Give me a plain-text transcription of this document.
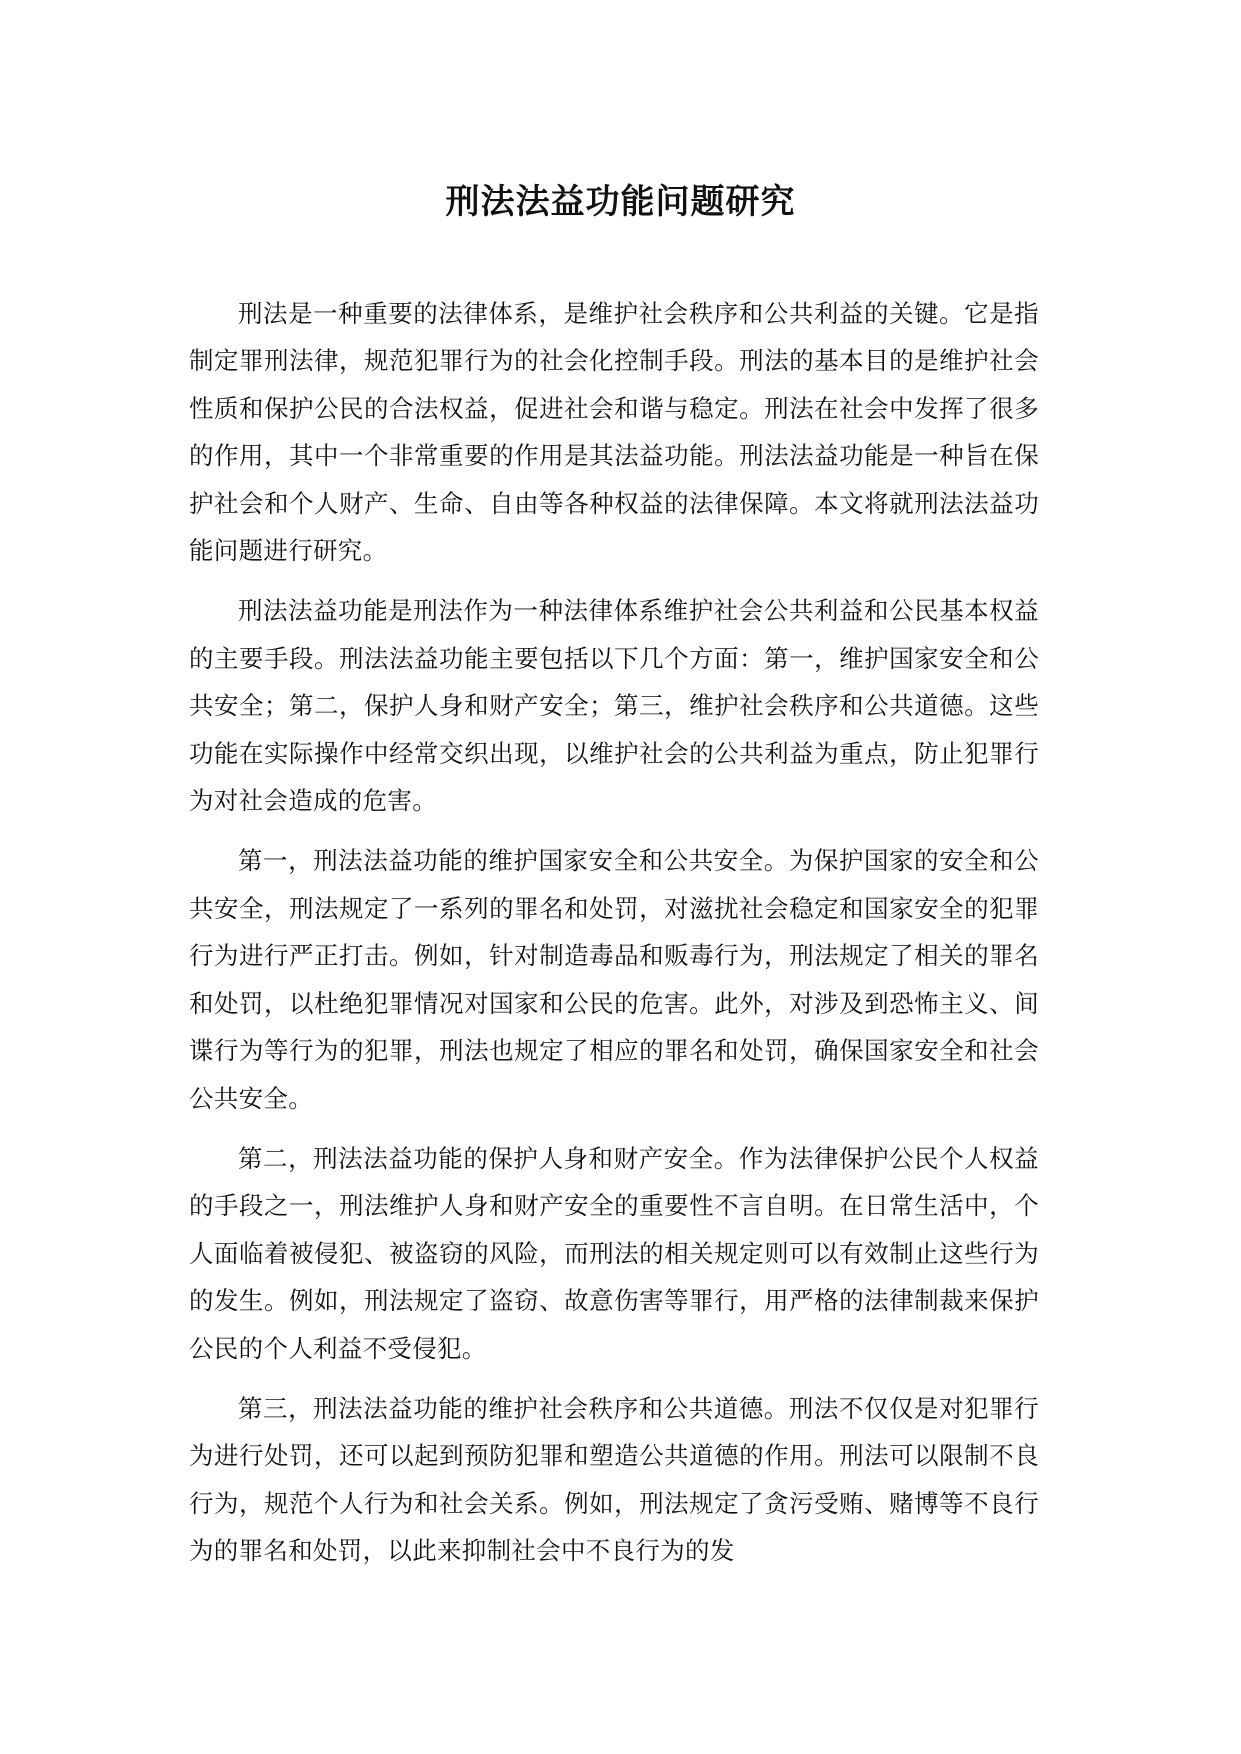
刑法法益功能问题研究

刑法是一种重要的法律体系，是维护社会秩序和公共利益的关键。它是指制定罪刑法律，规范犯罪行为的社会化控制手段。刑法的基本目的是维护社会性质和保护公民的合法权益，促进社会和谐与稳定。刑法在社会中发挥了很多的作用，其中一个非常重要的作用是其法益功能。刑法法益功能是一种旨在保护社会和个人财产、生命、自由等各种权益的法律保障。本文将就刑法法益功能问题进行研究。

刑法法益功能是刑法作为一种法律体系维护社会公共利益和公民基本权益的主要手段。刑法法益功能主要包括以下几个方面：第一，维护国家安全和公共安全；第二，保护人身和财产安全；第三，维护社会秩序和公共道德。这些功能在实际操作中经常交织出现，以维护社会的公共利益为重点，防止犯罪行为对社会造成的危害。

第一，刑法法益功能的维护国家安全和公共安全。为保护国家的安全和公共安全，刑法规定了一系列的罪名和处罚，对滋扰社会稳定和国家安全的犯罪行为进行严正打击。例如，针对制造毒品和贩毒行为，刑法规定了相关的罪名和处罚，以杜绝犯罪情况对国家和公民的危害。此外，对涉及到恐怖主义、间谍行为等行为的犯罪，刑法也规定了相应的罪名和处罚，确保国家安全和社会公共安全。

第二，刑法法益功能的保护人身和财产安全。作为法律保护公民个人权益的手段之一，刑法维护人身和财产安全的重要性不言自明。在日常生活中，个人面临着被侵犯、被盗窃的风险，而刑法的相关规定则可以有效制止这些行为的发生。例如，刑法规定了盗窃、故意伤害等罪行，用严格的法律制裁来保护公民的个人利益不受侵犯。

第三，刑法法益功能的维护社会秩序和公共道德。刑法不仅仅是对犯罪行为进行处罚，还可以起到预防犯罪和塑造公共道德的作用。刑法可以限制不良行为，规范个人行为和社会关系。例如，刑法规定了贪污受贿、赌博等不良行为的罪名和处罚，以此来抑制社会中不良行为的发
